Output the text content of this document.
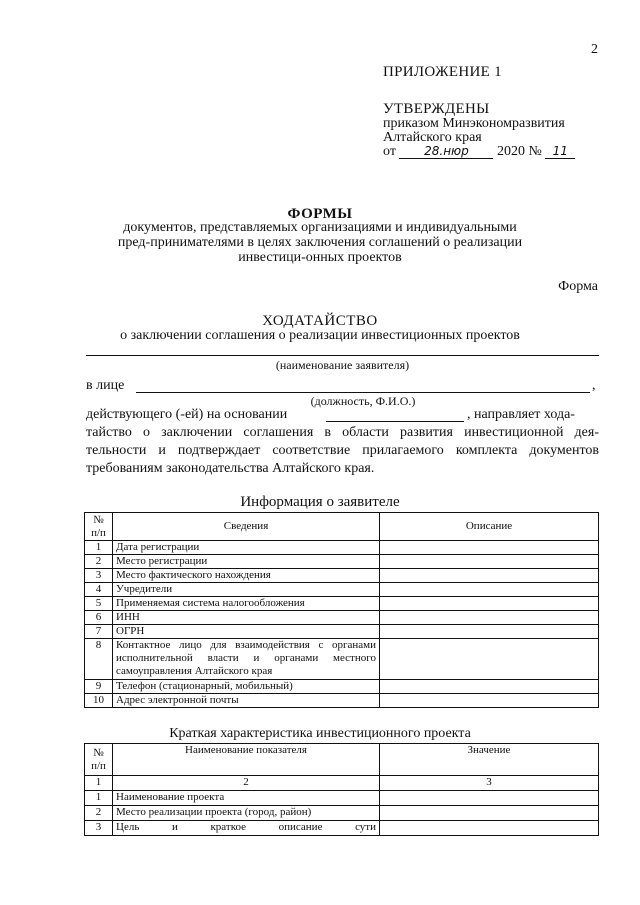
2
ПРИЛОЖЕНИЕ 1
УТВЕРЖДЕНЫ
приказом Минэкономразвития
Алтайского края
от 28.нюр 2020 № 11
ФОРМЫ
документов, представляемых организациями и индивидуальными пред-принимателями в целях заключения соглашений о реализации инвестици-онных проектов
Форма
ХОДАТАЙСТВО
о заключении соглашения о реализации инвестиционных проектов
(наименование заявителя)
в лице	,
(должность, Ф.И.О.)
действующего (-ей) на основании	, направляет хода-
тайство о заключении соглашения в области развития инвестиционной дея-
тельности и подтверждает соответствие прилагаемого комплекта документов
требованиям законодательства Алтайского края.
Информация о заявителе
№ п/п	Сведения	Описание
1	Дата регистрации	
2	Место регистрации	
3	Место фактического нахождения	
4	Учредители	
5	Применяемая система налогообложения	
6	ИНН	
7	ОГРН	
8	Контактное лицо для взаимодействия с органами исполнительной власти и органами местного самоуправления Алтайского края	
9	Телефон (стационарный, мобильный)	
10	Адрес электронной почты	
Краткая характеристика инвестиционного проекта
№ п/п	Наименование показателя	Значение
1	2	3
1	Наименование проекта	
2	Место реализации проекта (город, район)	
3	Цель и краткое описание сути	
